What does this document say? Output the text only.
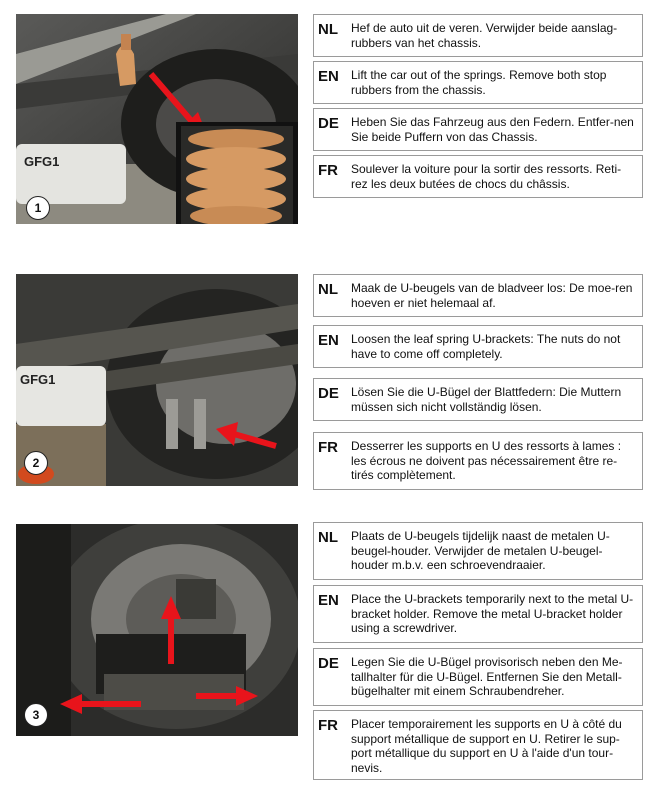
GFG1
1
NL Hef de auto uit de veren. Verwijder beide aanslag-rubbers van het chassis.
EN Lift the car out of the springs. Remove both stop rubbers from the chassis.
DE Heben Sie das Fahrzeug aus den Federn. Entfer-nen Sie beide Puffern von das Chassis.
FR Soulever la voiture pour la sortir des ressorts. Reti-rez les deux butées de chocs du châssis.
GFG1
2
NL Maak de U-beugels van de bladveer los: De moe-ren hoeven er niet helemaal af.
EN Loosen the leaf spring U-brackets: The nuts do not have to come off completely.
DE Lösen Sie die U-Bügel der Blattfedern: Die Muttern müssen sich nicht vollständig lösen.
FR Desserrer les supports en U des ressorts à lames : les écrous ne doivent pas nécessairement être re-tirés complètement.
3
NL Plaats de U-beugels tijdelijk naast de metalen U-beugel-houder. Verwijder de metalen U-beugel-houder m.b.v. een schroevendraaier.
EN Place the U-brackets temporarily next to the metal U-bracket holder. Remove the metal U-bracket holder using a screwdriver.
DE Legen Sie die U-Bügel provisorisch neben den Me-tallhalter für die U-Bügel. Entfernen Sie den Metall-bügelhalter mit einem Schraubendreher.
FR Placer temporairement les supports en U à côté du support métallique de support en U. Retirer le sup-port métallique du support en U à l'aide d'un tour-nevis.
